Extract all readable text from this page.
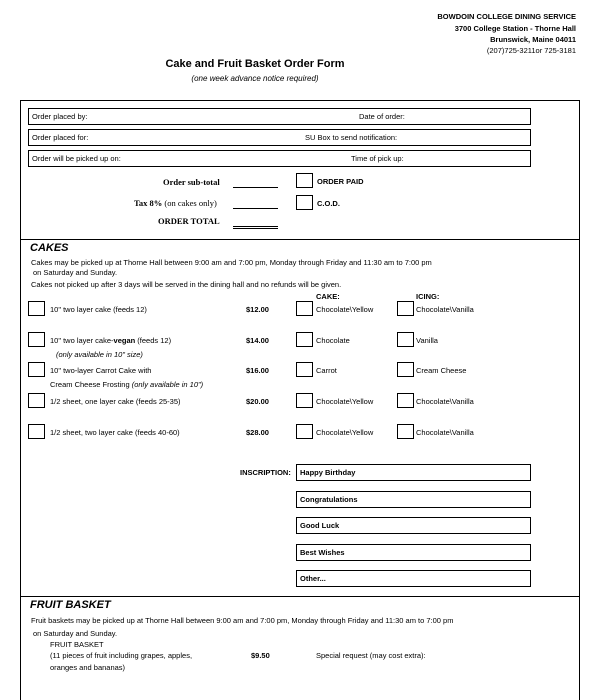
BOWDOIN COLLEGE DINING SERVICE
3700 College Station - Thorne Hall
Brunswick, Maine 04011
(207)725-3211or 725-3181
Cake and Fruit Basket Order Form
(one week advance notice required)
Order placed by:	Date of order:
Order placed for:	SU Box to send notification:
Order will be picked up on:	Time of pick up:
Order sub-total
Tax 8% (on cakes only)
ORDER TOTAL
ORDER PAID
C.O.D.
CAKES
Cakes may be picked up at Thorne Hall between 9:00 am and 7:00 pm, Monday through Friday and 11:30 am to 7:00 pm
on Saturday and Sunday.
Cakes not picked up after 3 days will be served in the dining hall and no refunds will be given.
CAKE:	ICING:
10" two layer cake (feeds 12)	$12.00	Chocolate\Yellow	Chocolate\Vanilla
10" two layer cake-vegan (feeds 12)
(only available in 10" size)
$14.00	Chocolate	Vanilla
10" two-layer Carrot Cake with
Cream Cheese Frosting (only available in 10")
$16.00	Carrot	Cream Cheese
1/2 sheet, one layer cake (feeds 25-35)	$20.00	Chocolate\Yellow	Chocolate\Vanilla
1/2 sheet, two layer cake (feeds 40-60)	$28.00	Chocolate\Yellow	Chocolate\Vanilla
INSCRIPTION: Happy Birthday
Congratulations
Good Luck
Best Wishes
Other...
FRUIT BASKET
Fruit baskets may be picked up at Thorne Hall between 9:00 am and 7:00 pm, Monday through Friday and 11:30 am to 7:00 pm
on Saturday and Sunday.
FRUIT BASKET
(11 pieces of fruit including grapes, apples,
oranges and bananas)
$9.50	Special request (may cost extra):
